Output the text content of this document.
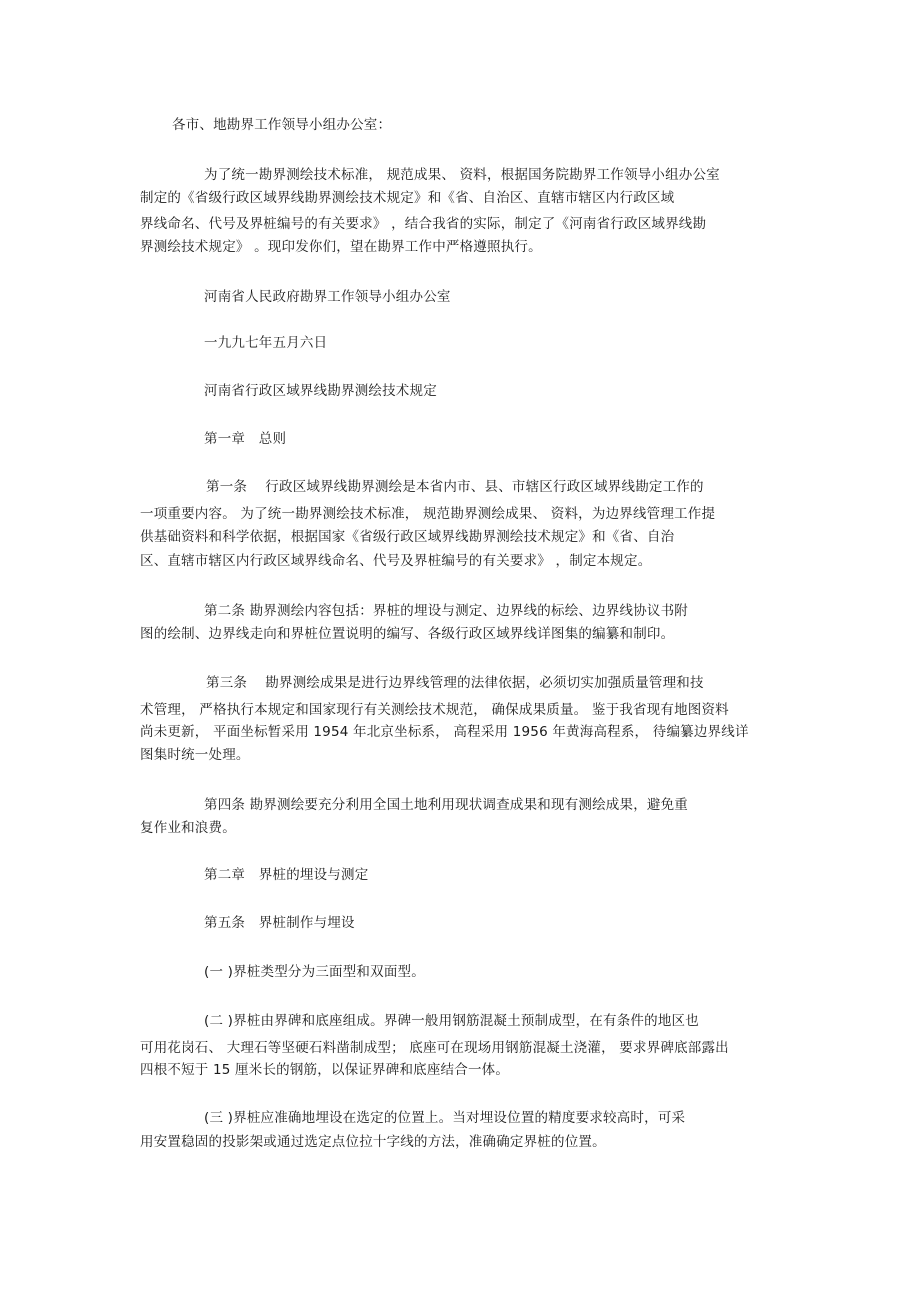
各市、地勘界工作领导小组办公室：
为了统一勘界测绘技术标准， 规范成果、 资料，根据国务院勘界工作领导小组办公室
制定的《省级行政区域界线勘界测绘技术规定》和《省、自治区、直辖市辖区内行政区域
界线命名、代号及界桩编号的有关要求》 ，结合我省的实际，制定了《河南省行政区域界线勘
界测绘技术规定》 。现印发你们，望在勘界工作中严格遵照执行。
河南省人民政府勘界工作领导小组办公室
一九九七年五月六日
河南省行政区域界线勘界测绘技术规定
第一章　总则
第一条　 行政区域界线勘界测绘是本省内市、县、市辖区行政区域界线勘定工作的
一项重要内容。 为了统一勘界测绘技术标准， 规范勘界测绘成果、 资料，为边界线管理工作提
供基础资料和科学依据，根据国家《省级行政区域界线勘界测绘技术规定》和《省、自治
区、直辖市辖区内行政区域界线命名、代号及界桩编号的有关要求》 ，制定本规定。
第二条 勘界测绘内容包括：界桩的埋设与测定、边界线的标绘、边界线协议书附
图的绘制、边界线走向和界桩位置说明的编写、各级行政区域界线详图集的编纂和制印。
第三条　 勘界测绘成果是进行边界线管理的法律依据，必须切实加强质量管理和技
术管理， 严格执行本规定和国家现行有关测绘技术规范， 确保成果质量。 鉴于我省现有地图资料
尚未更新， 平面坐标暂采用 1954 年北京坐标系， 高程采用 1956 年黄海高程系， 待编纂边界线详
图集时统一处理。
第四条 勘界测绘要充分利用全国土地利用现状调查成果和现有测绘成果，避免重
复作业和浪费。
第二章　界桩的埋设与测定
第五条　界桩制作与埋设
(一 )界桩类型分为三面型和双面型。
(二 )界桩由界碑和底座组成。界碑一般用钢筋混凝土预制成型，在有条件的地区也
可用花岗石、 大理石等坚硬石料凿制成型； 底座可在现场用钢筋混凝土浇灌， 要求界碑底部露出
四根不短于 15 厘米长的钢筋，以保证界碑和底座结合一体。
(三 )界桩应准确地埋设在选定的位置上。当对埋设位置的精度要求较高时，可采
用安置稳固的投影架或通过选定点位拉十字线的方法，准确确定界桩的位置。
